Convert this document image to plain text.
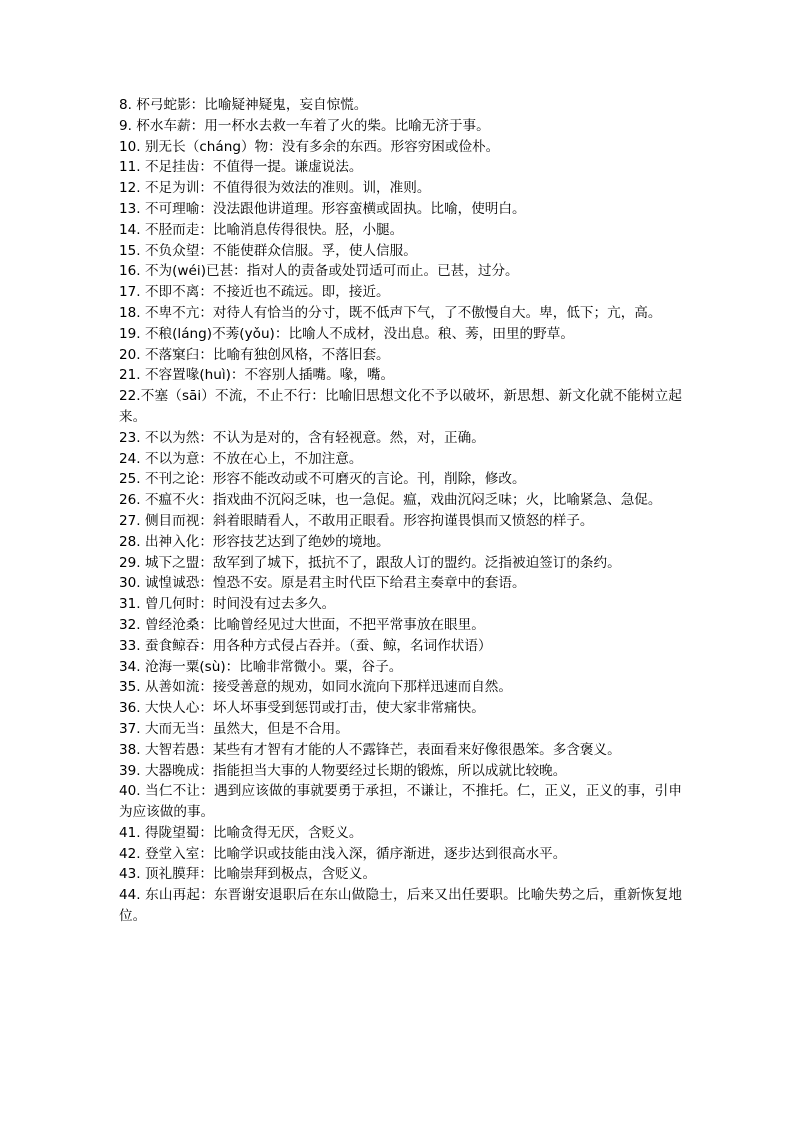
8. 杯弓蛇影：比喻疑神疑鬼，妄自惊慌。

9. 杯水车薪：用一杯水去救一车着了火的柴。比喻无济于事。

10. 别无长（cháng）物：没有多余的东西。形容穷困或俭朴。

11. 不足挂齿：不值得一提。谦虚说法。

12. 不足为训：不值得很为效法的准则。训，准则。

13. 不可理喻：没法跟他讲道理。形容蛮横或固执。比喻，使明白。

14. 不胫而走：比喻消息传得很快。胫，小腿。

15. 不负众望：不能使群众信服。孚，使人信服。

16. 不为(wéi)已甚：指对人的责备或处罚适可而止。已甚，过分。

17. 不即不离：不接近也不疏远。即，接近。

18. 不卑不亢：对待人有恰当的分寸，既不低声下气，了不傲慢自大。卑，低下；亢，高。

19. 不稂(láng)不莠(yǒu)：比喻人不成材，没出息。稂、莠，田里的野草。

20. 不落窠臼：比喻有独创风格，不落旧套。

21. 不容置喙(huì)：不容别人插嘴。喙，嘴。

22.不塞（sāi）不流，不止不行：比喻旧思想文化不予以破坏，新思想、新文化就不能树立起来。

23. 不以为然：不认为是对的，含有轻视意。然，对，正确。

24. 不以为意：不放在心上，不加注意。

25. 不刊之论：形容不能改动或不可磨灭的言论。刊，削除，修改。

26. 不瘟不火：指戏曲不沉闷乏味，也一急促。瘟，戏曲沉闷乏味；火，比喻紧急、急促。

27. 侧目而视：斜着眼睛看人，不敢用正眼看。形容拘谨畏惧而又愤怒的样子。

28. 出神入化：形容技艺达到了绝妙的境地。

29. 城下之盟：敌军到了城下，抵抗不了，跟敌人订的盟约。泛指被迫签订的条约。

30. 诚惶诚恐：惶恐不安。原是君主时代臣下给君主奏章中的套语。

31. 曾几何时：时间没有过去多久。

32. 曾经沧桑：比喻曾经见过大世面，不把平常事放在眼里。

33. 蚕食鲸吞：用各种方式侵占吞并。（蚕、鲸，名词作状语）

34. 沧海一粟(sù)：比喻非常微小。粟，谷子。

35. 从善如流：接受善意的规劝，如同水流向下那样迅速而自然。

36. 大快人心：坏人坏事受到惩罚或打击，使大家非常痛快。

37. 大而无当：虽然大，但是不合用。

38. 大智若愚：某些有才智有才能的人不露锋芒，表面看来好像很愚笨。多含褒义。

39. 大器晚成：指能担当大事的人物要经过长期的锻炼，所以成就比较晚。

40. 当仁不让：遇到应该做的事就要勇于承担，不谦让，不推托。仁，正义，正义的事，引申为应该做的事。

41. 得陇望蜀：比喻贪得无厌，含贬义。

42. 登堂入室：比喻学识或技能由浅入深，循序渐进，逐步达到很高水平。

43. 顶礼膜拜：比喻崇拜到极点，含贬义。

44. 东山再起：东晋谢安退职后在东山做隐士，后来又出任要职。比喻失势之后，重新恢复地位。
